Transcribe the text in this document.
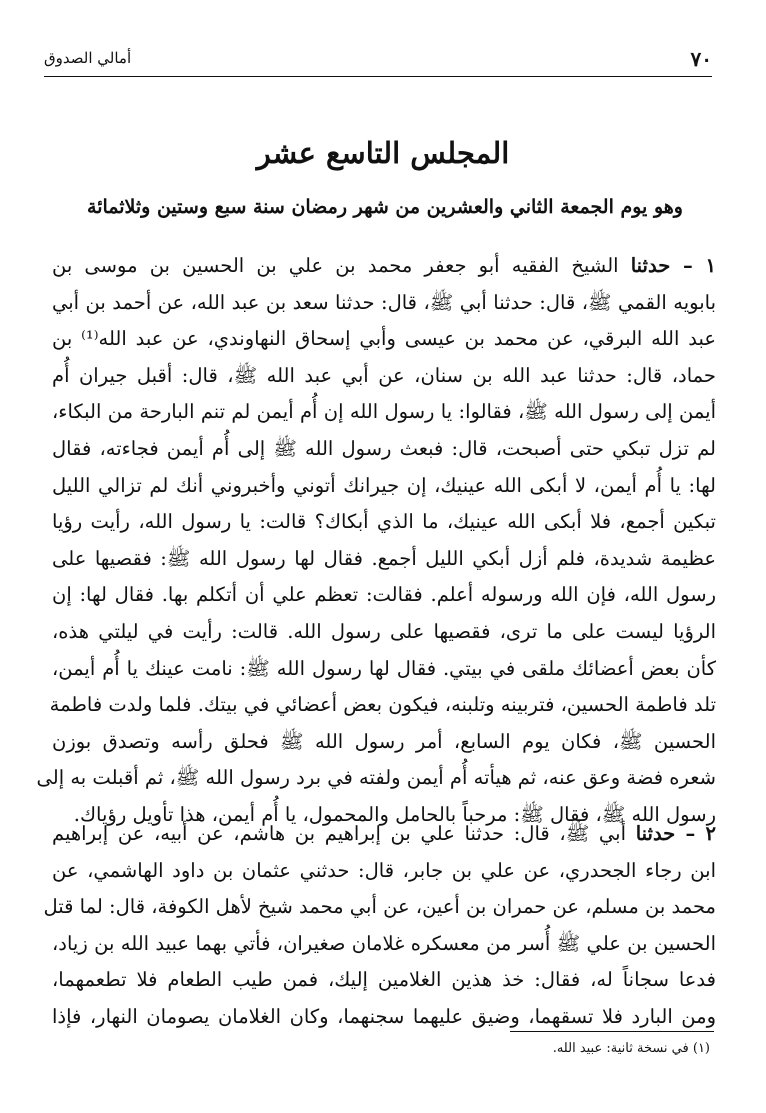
أمالي الصدوق	٧٠
المجلس التاسع عشر
وهو يوم الجمعة الثاني والعشرين من شهر رمضان سنة سبع وستين وثلاثمائة
١ – حدثنا الشيخ الفقيه أبو جعفر محمد بن علي بن الحسين بن موسى بن
بابويه القمي ﷺ، قال: حدثنا أبي ﷺ، قال: حدثنا سعد بن عبد الله، عن أحمد بن أبي
عبد الله البرقي، عن محمد بن عيسى وأبي إسحاق النهاوندي، عن عبد الله⁽¹⁾ بن
حماد، قال: حدثنا عبد الله بن سنان، عن أبي عبد الله ﷺ، قال: أقبل جيران أُم
أيمن إلى رسول الله ﷺ، فقالوا: يا رسول الله إن أُم أيمن لم تنم البارحة من البكاء،
لم تزل تبكي حتى أصبحت، قال: فبعث رسول الله ﷺ إلى أُم أيمن فجاءته، فقال
لها: يا أُم أيمن، لا أبكى الله عينيك، إن جيرانك أتوني وأخبروني أنك لم تزالي الليل
تبكين أجمع، فلا أبكى الله عينيك، ما الذي أبكاك؟ قالت: يا رسول الله، رأيت رؤيا
عظيمة شديدة، فلم أزل أبكي الليل أجمع. فقال لها رسول الله ﷺ: فقصيها على
رسول الله، فإن الله ورسوله أعلم. فقالت: تعظم علي أن أتكلم بها. فقال لها: إن
الرؤيا ليست على ما ترى، فقصيها على رسول الله. قالت: رأيت في ليلتي هذه،
كأن بعض أعضائك ملقى في بيتي. فقال لها رسول الله ﷺ: نامت عينك يا أُم أيمن،
تلد فاطمة الحسين، فتربينه وتلبنه، فيكون بعض أعضائي في بيتك. فلما ولدت فاطمة
الحسين ﷺ، فكان يوم السابع، أمر رسول الله ﷺ فحلق رأسه وتصدق بوزن
شعره فضة وعق عنه، ثم هيأته أُم أيمن ولفته في برد رسول الله ﷺ، ثم أقبلت به إلى
رسول الله ﷺ، فقال ﷺ: مرحباً بالحامل والمحمول، يا أُم أيمن، هذا تأويل رؤياك.
٢ – حدثنا أبي ﷺ، قال: حدثنا علي بن إبراهيم بن هاشم، عن أبيه، عن إبراهيم
ابن رجاء الجحدري، عن علي بن جابر، قال: حدثني عثمان بن داود الهاشمي، عن
محمد بن مسلم، عن حمران بن أعين، عن أبي محمد شيخ لأهل الكوفة، قال: لما قتل
الحسين بن علي ﷺ أُسر من معسكره غلامان صغيران، فأتي بهما عبيد الله بن زياد،
فدعا سجاناً له، فقال: خذ هذين الغلامين إليك، فمن طيب الطعام فلا تطعمهما،
ومن البارد فلا تسقهما، وضيق عليهما سجنهما، وكان الغلامان يصومان النهار، فإذا
(١) في نسخة ثانية: عبيد الله.
